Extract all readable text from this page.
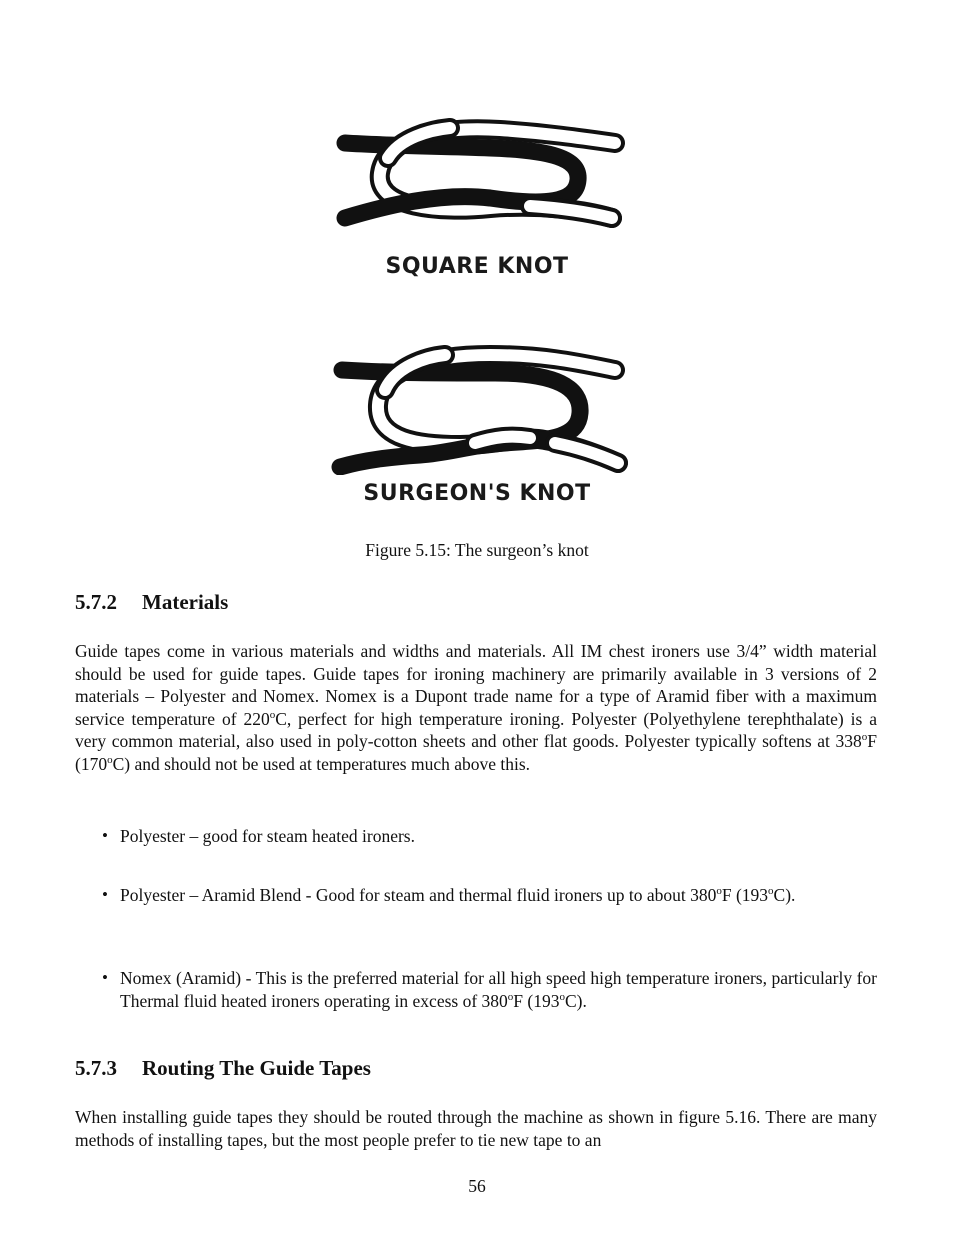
SQUARE KNOT
SURGEON'S KNOT
Figure 5.15: The surgeon’s knot
5.7.2 Materials

Guide tapes come in various materials and widths and materials. All IM chest ironers use 3/4” width material should be used for guide tapes. Guide tapes for ironing machinery are primarily available in 3 versions of 2 materials – Polyester and Nomex. Nomex is a Dupont trade name for a type of Aramid fiber with a maximum service temperature of 220$^o$C, perfect for high temperature ironing. Polyester (Polyethylene terephthalate) is a very common material, also used in poly-cotton sheets and other flat goods. Polyester typically softens at 338$^o$F (170$^o$C) and should not be used at temperatures much above this.

• Polyester – good for steam heated ironers.

• Polyester – Aramid Blend - Good for steam and thermal fluid ironers up to about 380$^o$F (193$^o$C).

• Nomex (Aramid) - This is the preferred material for all high speed high temperature ironers, particularly for Thermal fluid heated ironers operating in excess of 380$^o$F (193$^o$C).

5.7.3 Routing The Guide Tapes

When installing guide tapes they should be routed through the machine as shown in figure 5.16. There are many methods of installing tapes, but the most people prefer to tie new tape to an

56
